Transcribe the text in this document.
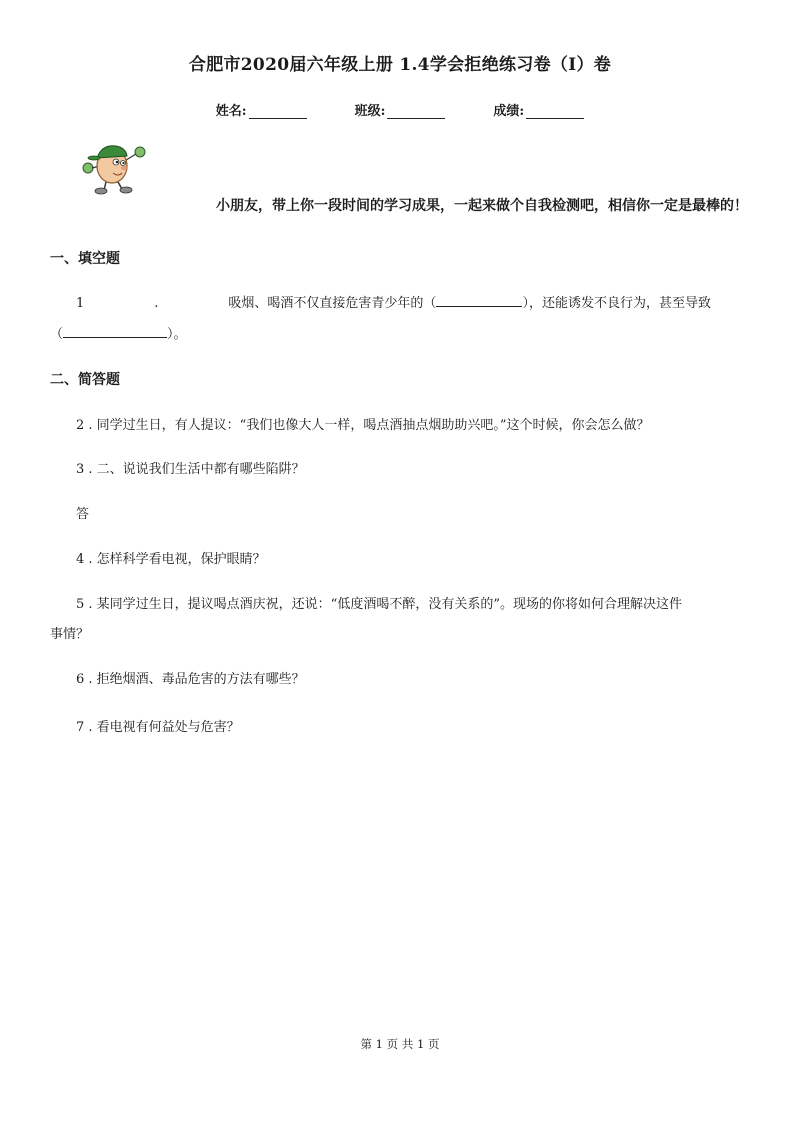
合肥市2020届六年级上册 1.4学会拒绝练习卷（I）卷
姓名:	班级:	成绩:
小朋友，带上你一段时间的学习成果，一起来做个自我检测吧，相信你一定是最棒的！
一、填空题
1	.	吸烟、喝酒不仅直接危害青少年的（	），还能诱发不良行为，甚至导致
（	）。
二、简答题
2 . 同学过生日，有人提议：“我们也像大人一样，喝点酒抽点烟助助兴吧。”这个时候，你会怎么做？
3 . 二、说说我们生活中都有哪些陷阱？
答
4 . 怎样科学看电视，保护眼睛？
5 . 某同学过生日，提议喝点酒庆祝，还说：“低度酒喝不醉，没有关系的”。现场的你将如何合理解决这件
事情？
6 . 拒绝烟酒、毒品危害的方法有哪些？
7 . 看电视有何益处与危害？
第 1 页 共 1 页
